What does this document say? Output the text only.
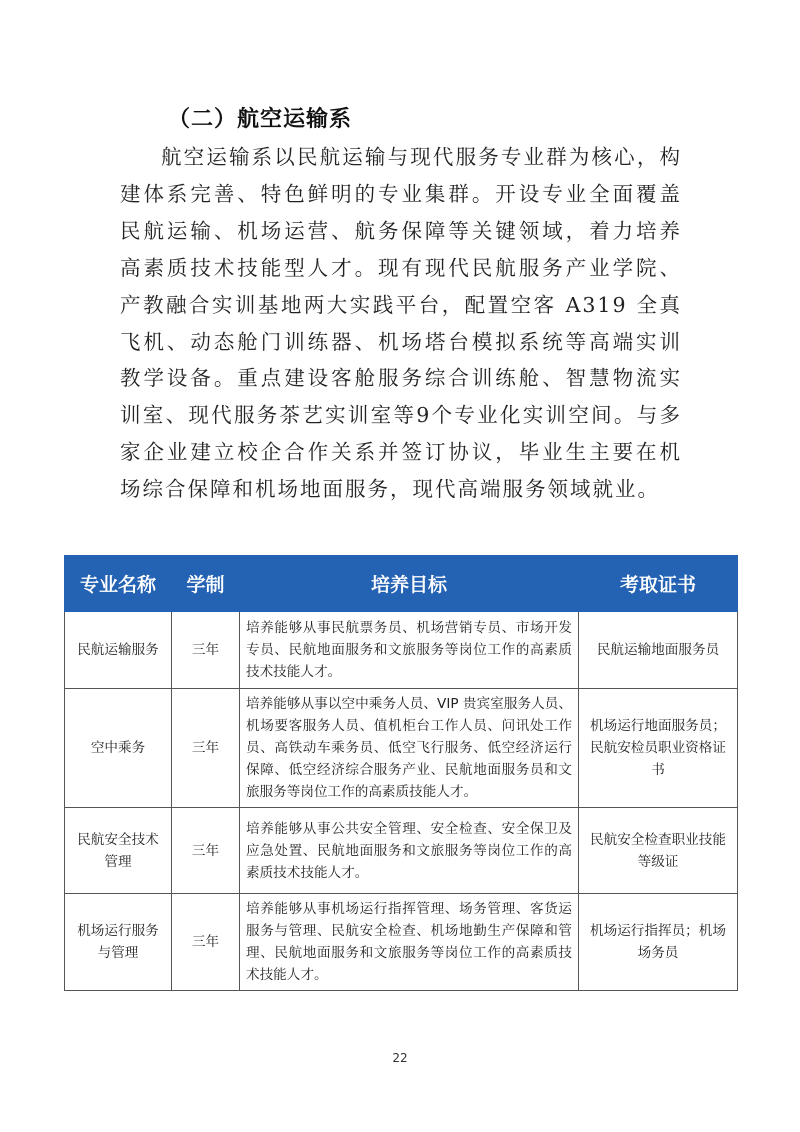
（二）航空运输系

航空运输系以民航运输与现代服务专业群为核心，构建体系完善、特色鲜明的专业集群。开设专业全面覆盖民航运输、机场运营、航务保障等关键领域，着力培养高素质技术技能型人才。现有现代民航服务产业学院、产教融合实训基地两大实践平台，配置空客 A319 全真飞机、动态舱门训练器、机场塔台模拟系统等高端实训教学设备。重点建设客舱服务综合训练舱、智慧物流实训室、现代服务茶艺实训室等9个专业化实训空间。与多家企业建立校企合作关系并签订协议，毕业生主要在机场综合保障和机场地面服务，现代高端服务领域就业。

专业名称	学制	培养目标	考取证书
民航运输服务	三年	培养能够从事民航票务员、机场营销专员、市场开发专员、民航地面服务和文旅服务等岗位工作的高素质技术技能人才。	民航运输地面服务员
空中乘务	三年	培养能够从事以空中乘务人员、VIP 贵宾室服务人员、机场要客服务人员、值机柜台工作人员、问讯处工作员、高铁动车乘务员、低空飞行服务、低空经济运行保障、低空经济综合服务产业、民航地面服务员和文旅服务等岗位工作的高素质技能人才。	机场运行地面服务员；民航安检员职业资格证书
民航安全技术管理	三年	培养能够从事公共安全管理、安全检查、安全保卫及应急处置、民航地面服务和文旅服务等岗位工作的高素质技术技能人才。	民航安全检查职业技能等级证
机场运行服务与管理	三年	培养能够从事机场运行指挥管理、场务管理、客货运服务与管理、民航安全检查、机场地勤生产保障和管理、民航地面服务和文旅服务等岗位工作的高素质技术技能人才。	机场运行指挥员；机场场务员
22
